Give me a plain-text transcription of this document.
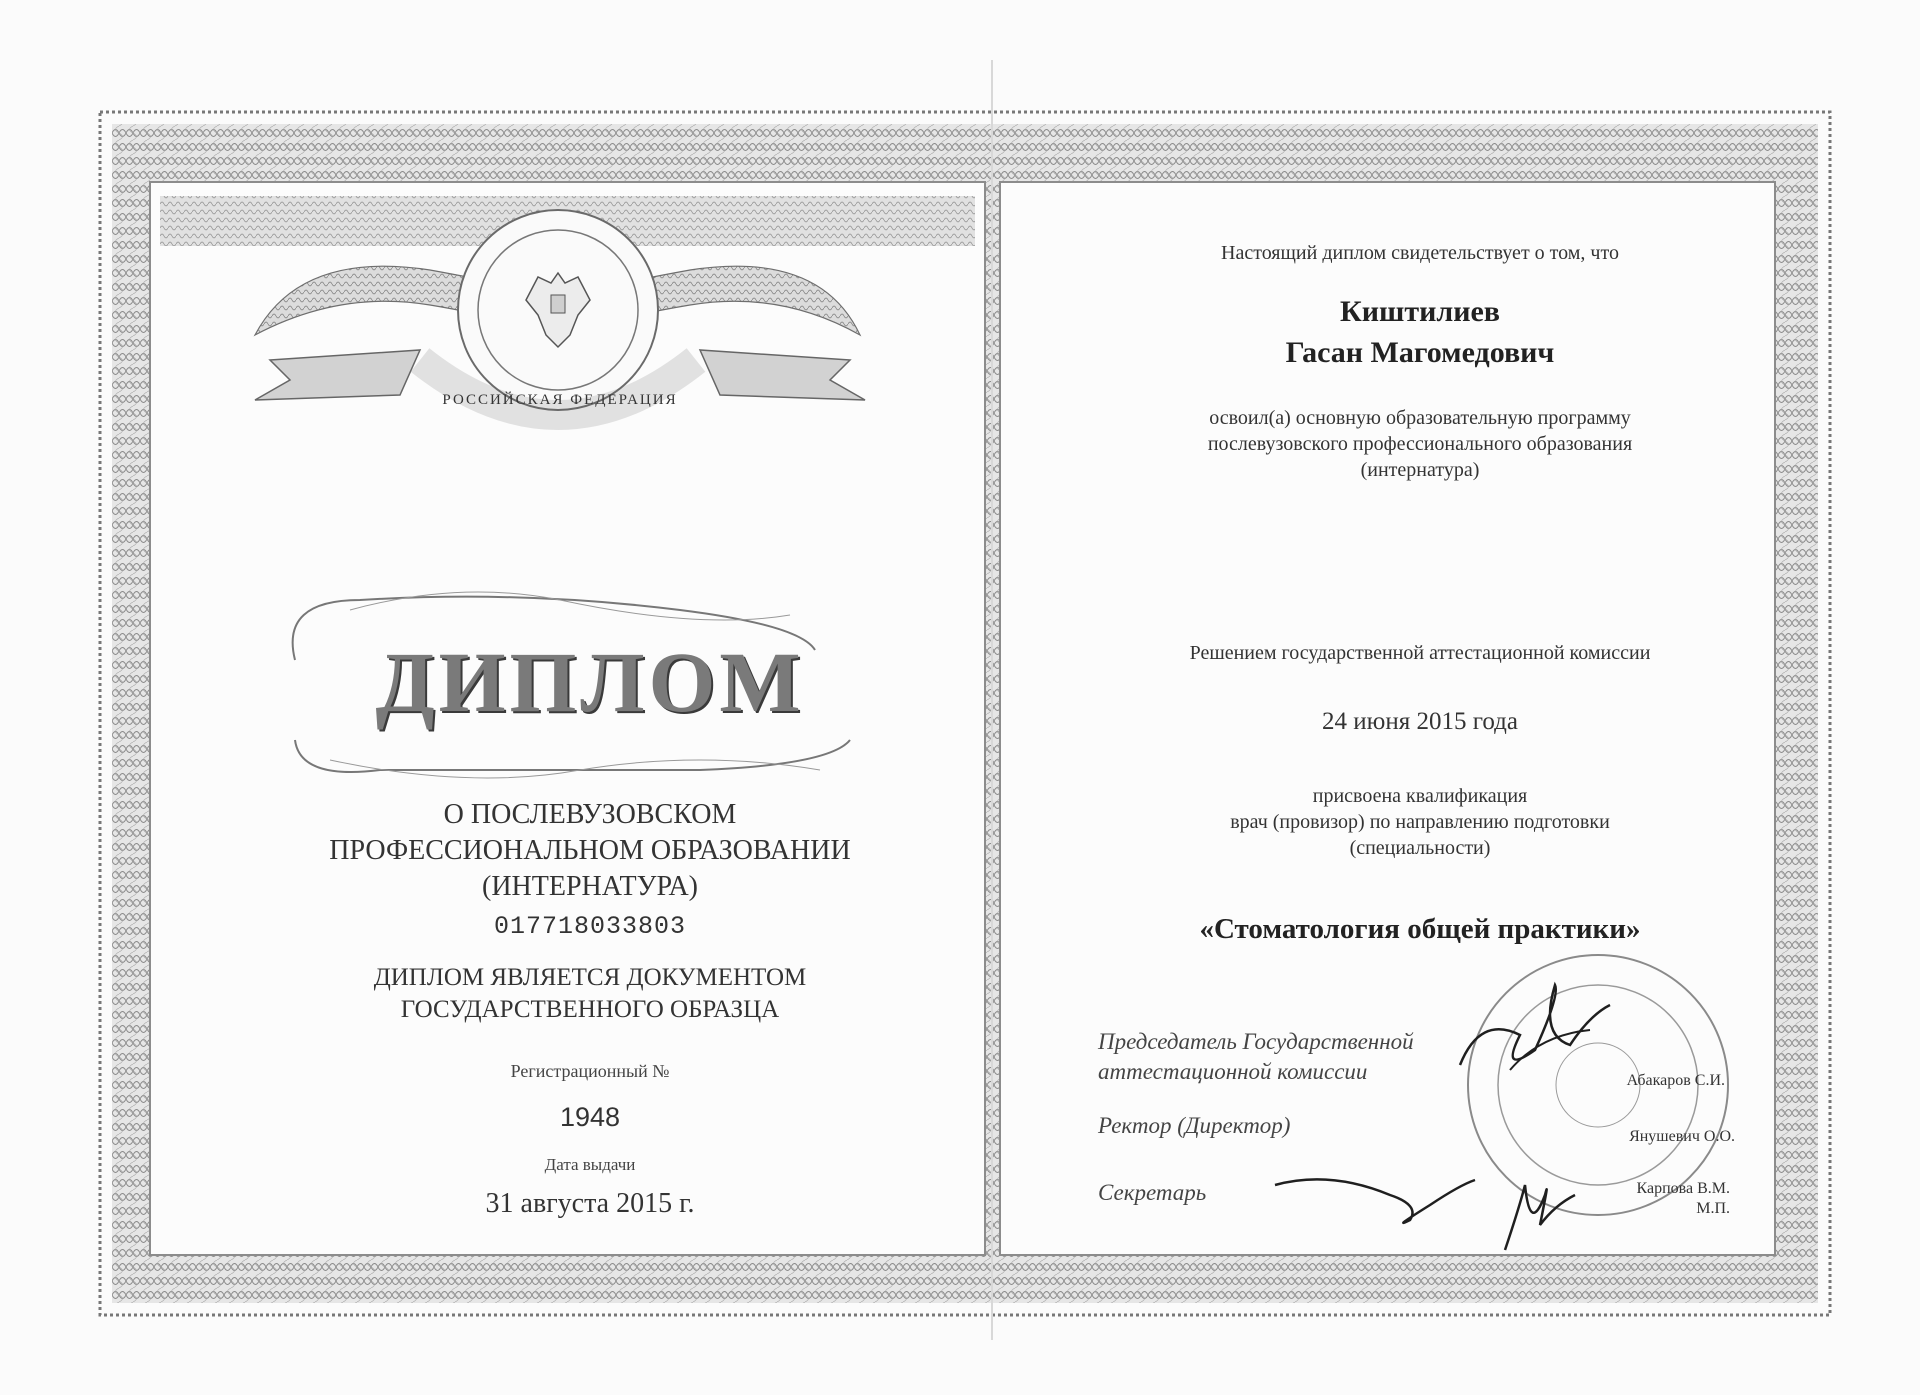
РОССИЙСКАЯ ФЕДЕРАЦИЯ
ДИПЛОМ
О ПОСЛЕВУЗОВСКОМ
ПРОФЕССИОНАЛЬНОМ ОБРАЗОВАНИИ
(ИНТЕРНАТУРА)
017718033803
ДИПЛОМ ЯВЛЯЕТСЯ ДОКУМЕНТОМ
ГОСУДАРСТВЕННОГО ОБРАЗЦА
Регистрационный №
1948
Дата выдачи
31 августа 2015 г.
Настоящий диплом свидетельствует о том, что
Киштилиев
Гасан Магомедович
освоил(а) основную образовательную программу
послевузовского профессионального образования
(интернатура)
Решением государственной аттестационной комиссии
24 июня 2015 года
присвоена квалификация
врач (провизор) по направлению подготовки
(специальности)
«Стоматология общей практики»
Председатель Государственной
аттестационной комиссии	Абакаров С.И.
Ректор (Директор)	Янушевич О.О.
Секретарь	Карпова В.М.
М.П.
